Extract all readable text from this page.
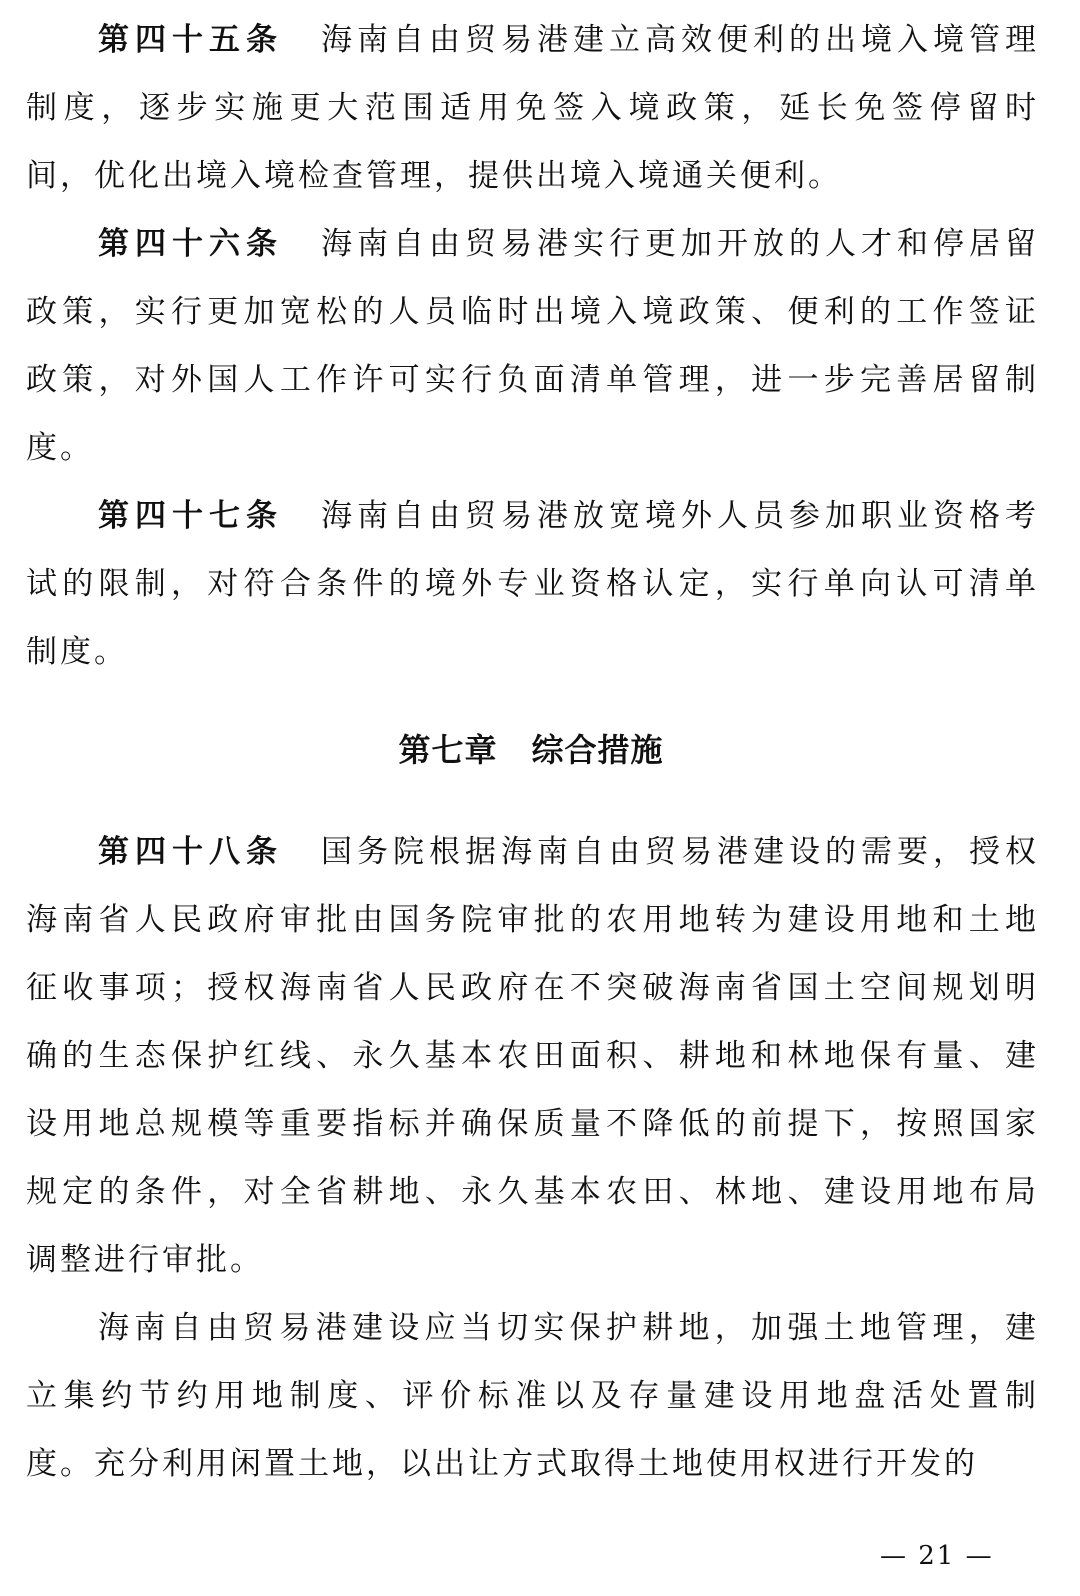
第四十五条 海南自由贸易港建立高效便利的出境入境管理
制度，逐步实施更大范围适用免签入境政策，延长免签停留时
间，优化出境入境检查管理，提供出境入境通关便利。
第四十六条 海南自由贸易港实行更加开放的人才和停居留
政策，实行更加宽松的人员临时出境入境政策、便利的工作签证
政策，对外国人工作许可实行负面清单管理，进一步完善居留制
度。
第四十七条 海南自由贸易港放宽境外人员参加职业资格考
试的限制，对符合条件的境外专业资格认定，实行单向认可清单
制度。
第七章 综合措施
第四十八条 国务院根据海南自由贸易港建设的需要，授权
海南省人民政府审批由国务院审批的农用地转为建设用地和土地
征收事项；授权海南省人民政府在不突破海南省国土空间规划明
确的生态保护红线、永久基本农田面积、耕地和林地保有量、建
设用地总规模等重要指标并确保质量不降低的前提下，按照国家
规定的条件，对全省耕地、永久基本农田、林地、建设用地布局
调整进行审批。
海南自由贸易港建设应当切实保护耕地，加强土地管理，建
立集约节约用地制度、评价标准以及存量建设用地盘活处置制
度。充分利用闲置土地，以出让方式取得土地使用权进行开发的
— 21 —
